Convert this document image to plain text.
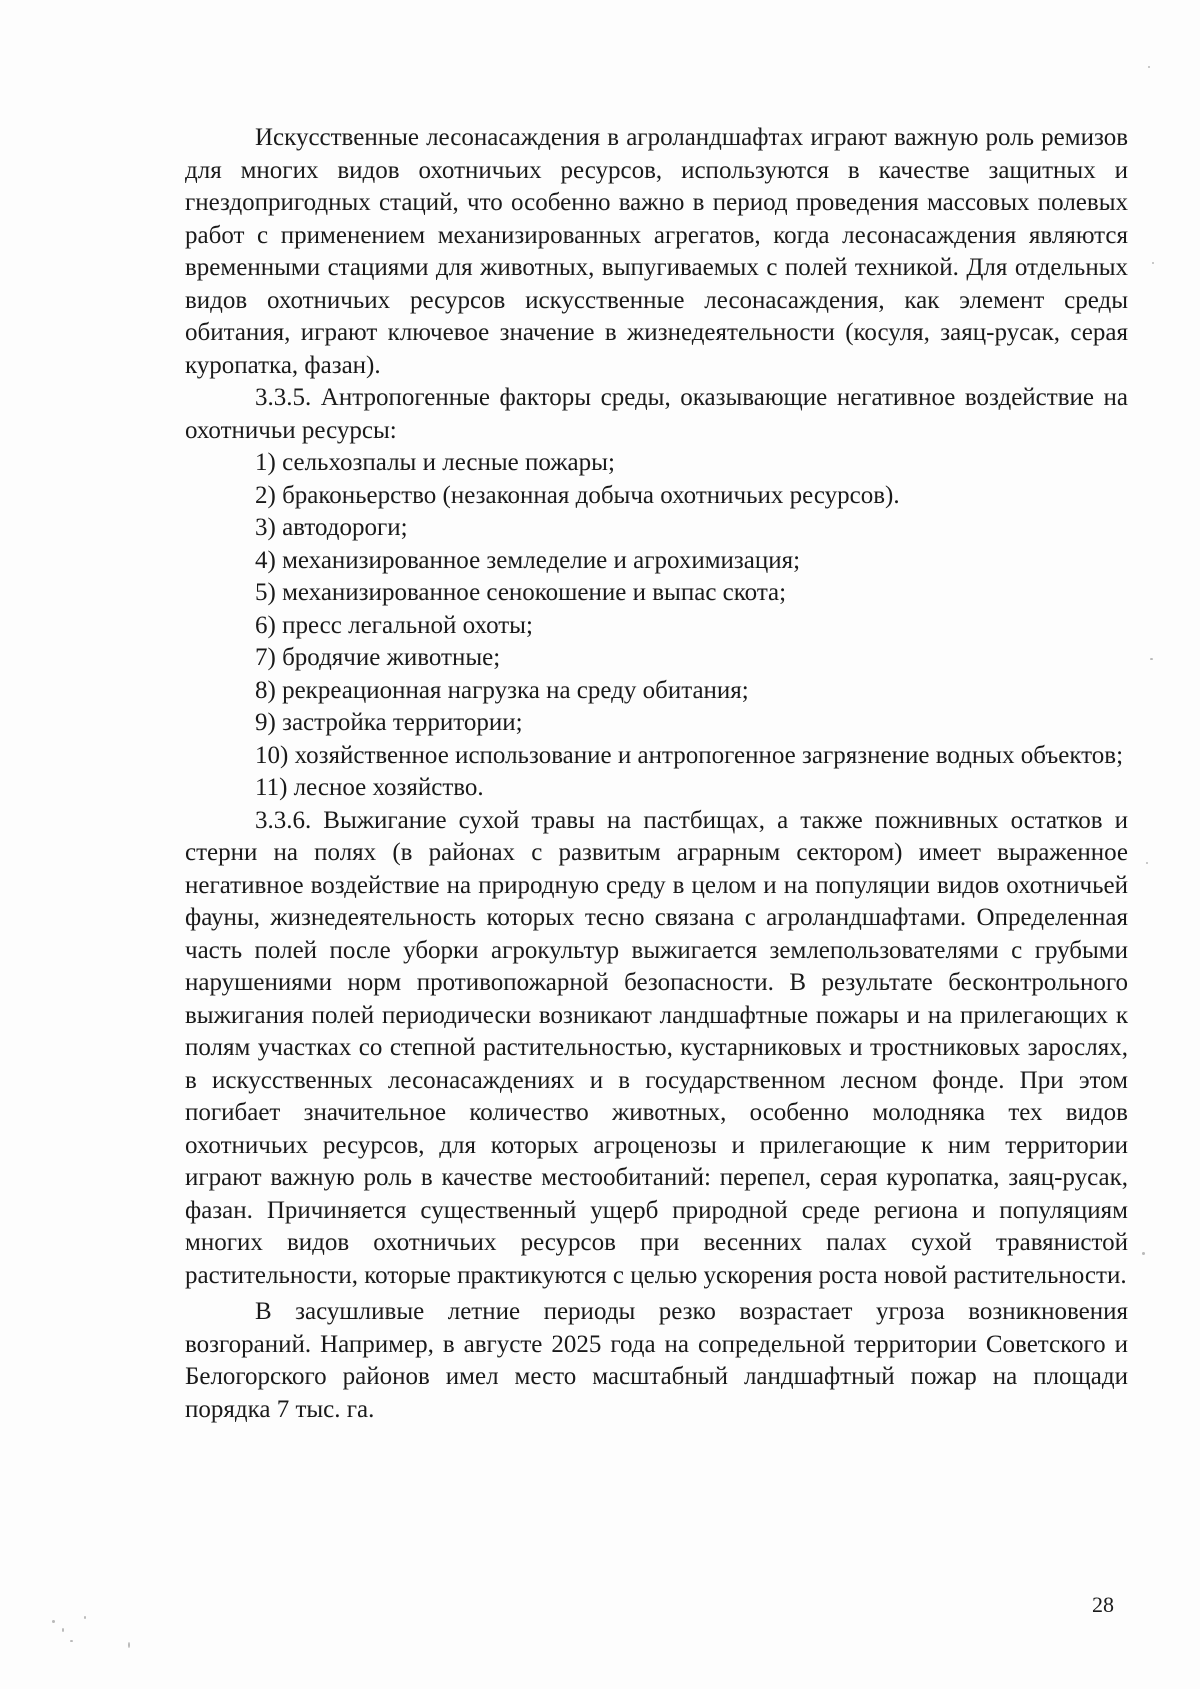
Искусственные лесонасаждения в агроландшафтах играют важную роль ремизов для многих видов охотничьих ресурсов, используются в качестве защитных и гнездопригодных стаций, что особенно важно в период проведения массовых полевых работ с применением механизированных агрегатов, когда лесонасаждения являются временными стациями для животных, выпугиваемых с полей техникой. Для отдельных видов охотничьих ресурсов искусственные лесонасаждения, как элемент среды обитания, играют ключевое значение в жизнедеятельности (косуля, заяц-русак, серая куропатка, фазан).

3.3.5. Антропогенные факторы среды, оказывающие негативное воздействие на охотничьи ресурсы:

1) сельхозпалы и лесные пожары;

2) браконьерство (незаконная добыча охотничьих ресурсов).

3) автодороги;

4) механизированное земледелие и агрохимизация;

5) механизированное сенокошение и выпас скота;

6) пресс легальной охоты;

7) бродячие животные;

8) рекреационная нагрузка на среду обитания;

9) застройка территории;

10) хозяйственное использование и антропогенное загрязнение водных объектов;

11) лесное хозяйство.

3.3.6. Выжигание сухой травы на пастбищах, а также пожнивных остатков и стерни на полях (в районах с развитым аграрным сектором) имеет выраженное негативное воздействие на природную среду в целом и на популяции видов охотничьей фауны, жизнедеятельность которых тесно связана с агроландшафтами. Определенная часть полей после уборки агрокультур выжигается землепользователями с грубыми нарушениями норм противопожарной безопасности. В результате бесконтрольного выжигания полей периодически возникают ландшафтные пожары и на прилегающих к полям участках со степной растительностью, кустарниковых и тростниковых зарослях, в искусственных лесонасаждениях и в государственном лесном фонде. При этом погибает значительное количество животных, особенно молодняка тех видов охотничьих ресурсов, для которых агроценозы и прилегающие к ним территории играют важную роль в качестве местообитаний: перепел, серая куропатка, заяц-русак, фазан. Причиняется существенный ущерб природной среде региона и популяциям многих видов охотничьих ресурсов при весенних палах сухой травянистой растительности, которые практикуются с целью ускорения роста новой растительности.

В засушливые летние периоды резко возрастает угроза возникновения возгораний. Например, в августе 2025 года на сопредельной территории Советского и Белогорского районов имел место масштабный ландшафтный пожар на площади порядка 7 тыс. га.

28
